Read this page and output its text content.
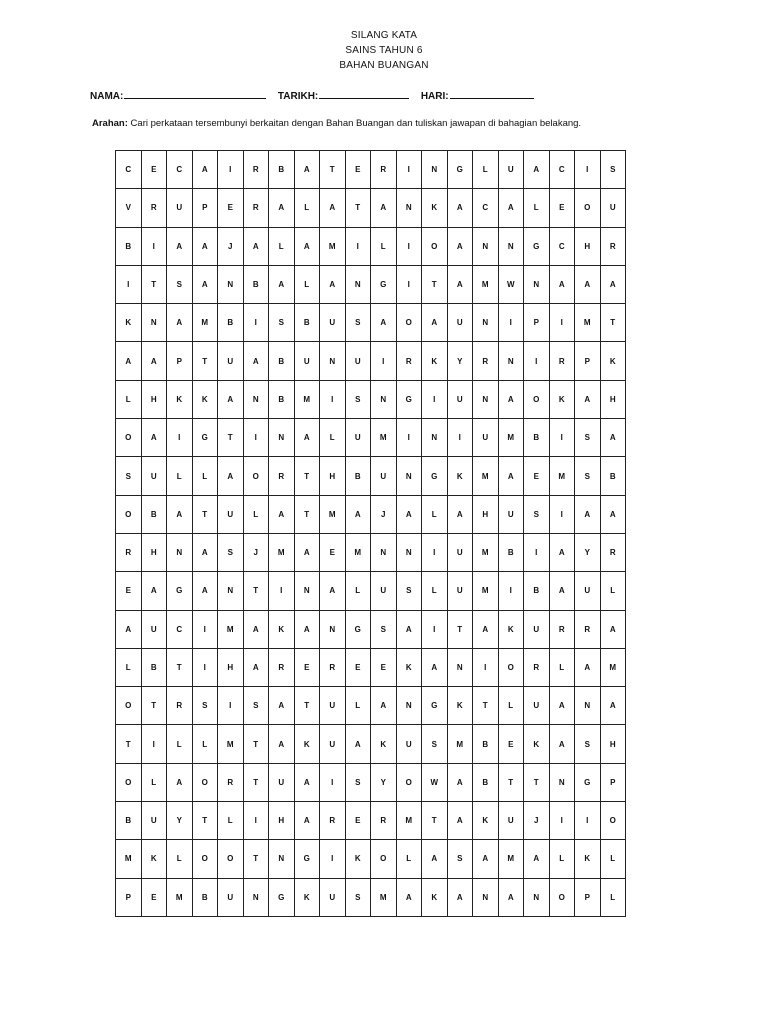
SILANG KATA
SAINS TAHUN 6
BAHAN BUANGAN
NAMA:	TARIKH:	HARI:
Arahan: Cari perkataan tersembunyi berkaitan dengan Bahan Buangan dan tuliskan jawapan di bahagian belakang.
C	E	C	A	I	R	B	A	T	E	R	I	N	G	L	U	A	C	I	S
V	R	U	P	E	R	A	L	A	T	A	N	K	A	C	A	L	E	O	U
B	I	A	A	J	A	L	A	M	I	L	I	O	A	N	N	G	C	H	R
I	T	S	A	N	B	A	L	A	N	G	I	T	A	M	W	N	A	A	A
K	N	A	M	B	I	S	B	U	S	A	O	A	U	N	I	P	I	M	T
A	A	P	T	U	A	B	U	N	U	I	R	K	Y	R	N	I	R	P	K
L	H	K	K	A	N	B	M	I	S	N	G	I	U	N	A	O	K	A	H
O	A	I	G	T	I	N	A	L	U	M	I	N	I	U	M	B	I	S	A
S	U	L	L	A	O	R	T	H	B	U	N	G	K	M	A	E	M	S	B
O	B	A	T	U	L	A	T	M	A	J	A	L	A	H	U	S	I	A	A
R	H	N	A	S	J	M	A	E	M	N	N	I	U	M	B	I	A	Y	R
E	A	G	A	N	T	I	N	A	L	U	S	L	U	M	I	B	A	U	L
A	U	C	I	M	A	K	A	N	G	S	A	I	T	A	K	U	R	R	A
L	B	T	I	H	A	R	E	R	E	E	K	A	N	I	O	R	L	A	M
O	T	R	S	I	S	A	T	U	L	A	N	G	K	T	L	U	A	N	A
T	I	L	L	M	T	A	K	U	A	K	U	S	M	B	E	K	A	S	H
O	L	A	O	R	T	U	A	I	S	Y	O	W	A	B	T	T	N	G	P
B	U	Y	T	L	I	H	A	R	E	R	M	T	A	K	U	J	I	I	O
M	K	L	O	O	T	N	G	I	K	O	L	A	S	A	M	A	L	K	L
P	E	M	B	U	N	G	K	U	S	M	A	K	A	N	A	N	O	P	L
